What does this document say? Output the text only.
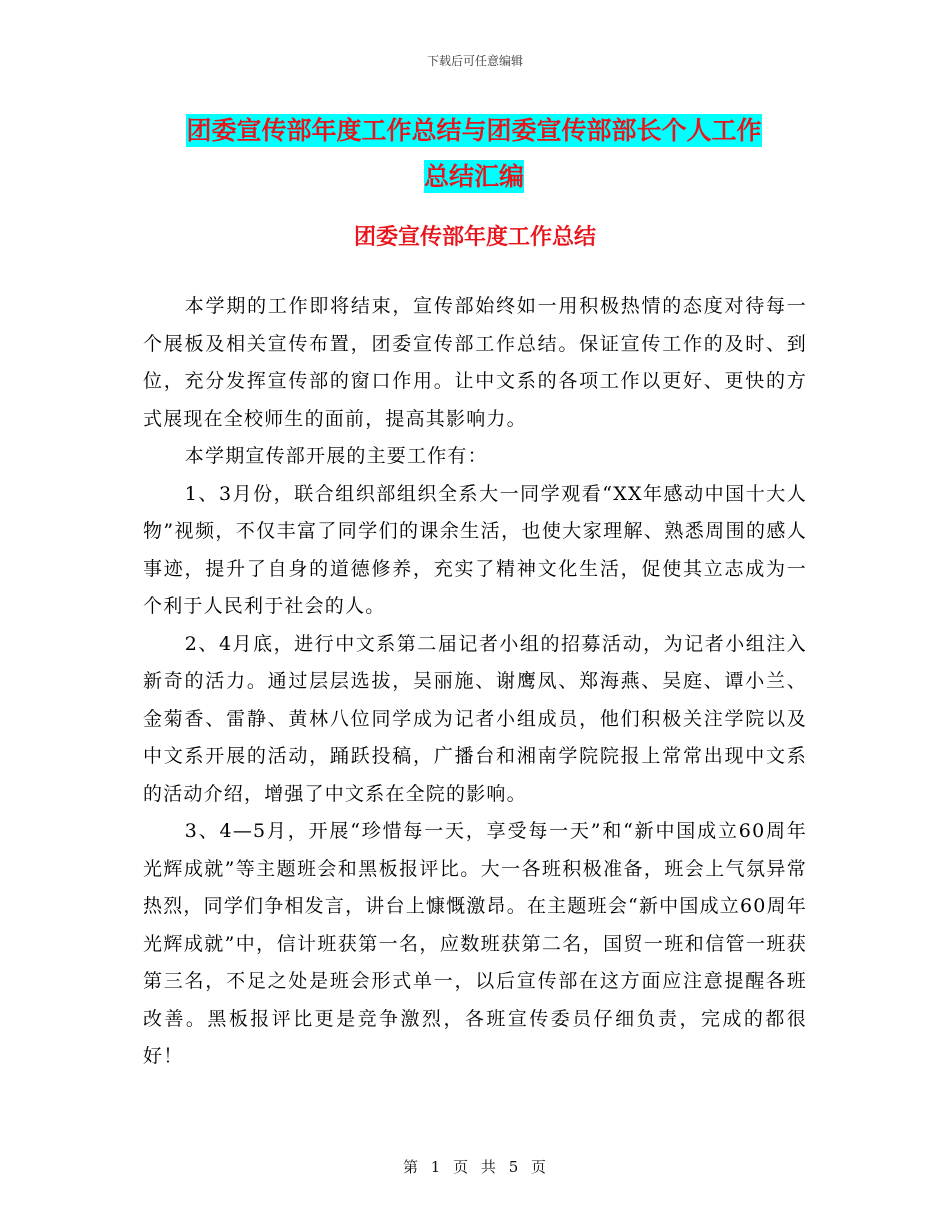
下载后可任意编辑
团委宣传部年度工作总结与团委宣传部部长个人工作
总结汇编
团委宣传部年度工作总结

本学期的工作即将结束，宣传部始终如一用积极热情的态度对待每一个展板及相关宣传布置，团委宣传部工作总结。保证宣传工作的及时、到位，充分发挥宣传部的窗口作用。让中文系的各项工作以更好、更快的方式展现在全校师生的面前，提高其影响力。

本学期宣传部开展的主要工作有：

1、3月份，联合组织部组织全系大一同学观看“XX年感动中国十大人物”视频，不仅丰富了同学们的课余生活，也使大家理解、熟悉周围的感人事迹，提升了自身的道德修养，充实了精神文化生活，促使其立志成为一个利于人民利于社会的人。

2、4月底，进行中文系第二届记者小组的招募活动，为记者小组注入新奇的活力。通过层层选拔，吴丽施、谢鹰凤、郑海燕、吴庭、谭小兰、金菊香、雷静、黄林八位同学成为记者小组成员，他们积极关注学院以及中文系开展的活动，踊跃投稿，广播台和湘南学院院报上常常出现中文系的活动介绍，增强了中文系在全院的影响。

3、4—5月，开展“珍惜每一天，享受每一天”和“新中国成立60周年光辉成就”等主题班会和黑板报评比。大一各班积极准备，班会上气氛异常热烈，同学们争相发言，讲台上慷慨激昂。在主题班会“新中国成立60周年光辉成就”中，信计班获第一名，应数班获第二名，国贸一班和信管一班获第三名，不足之处是班会形式单一，以后宣传部在这方面应注意提醒各班改善。黑板报评比更是竞争激烈，各班宣传委员仔细负责，完成的都很好！

第 1 页 共 5 页
